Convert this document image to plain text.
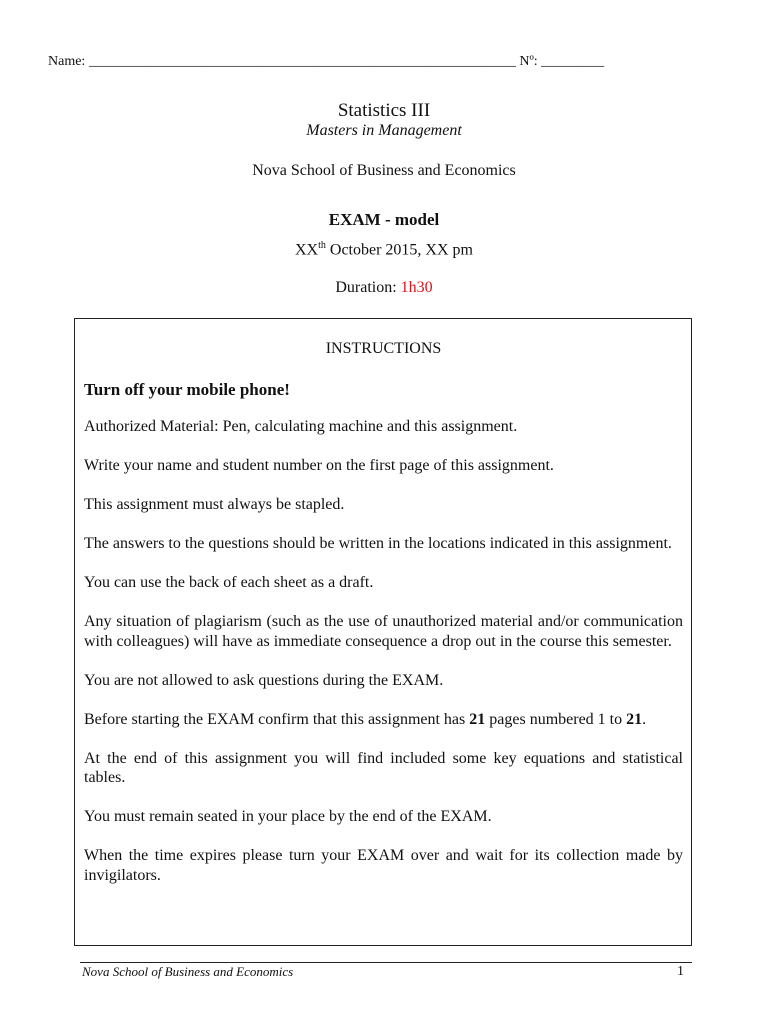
Name: _____________________________________________________________ Nº: _________
Statistics III
Masters in Management
Nova School of Business and Economics
EXAM - model
XXth October 2015, XX pm
Duration: 1h30
INSTRUCTIONS
Turn off your mobile phone!

Authorized Material: Pen, calculating machine and this assignment.

Write your name and student number on the first page of this assignment.

This assignment must always be stapled.

The answers to the questions should be written in the locations indicated in this assignment.

You can use the back of each sheet as a draft.

Any situation of plagiarism (such as the use of unauthorized material and/or communication with colleagues) will have as immediate consequence a drop out in the course this semester.

You are not allowed to ask questions during the EXAM.

Before starting the EXAM confirm that this assignment has 21 pages numbered 1 to 21.

At the end of this assignment you will find included some key equations and statistical tables.

You must remain seated in your place by the end of the EXAM.

When the time expires please turn your EXAM over and wait for its collection made by invigilators.

Nova School of Business and Economics	1
